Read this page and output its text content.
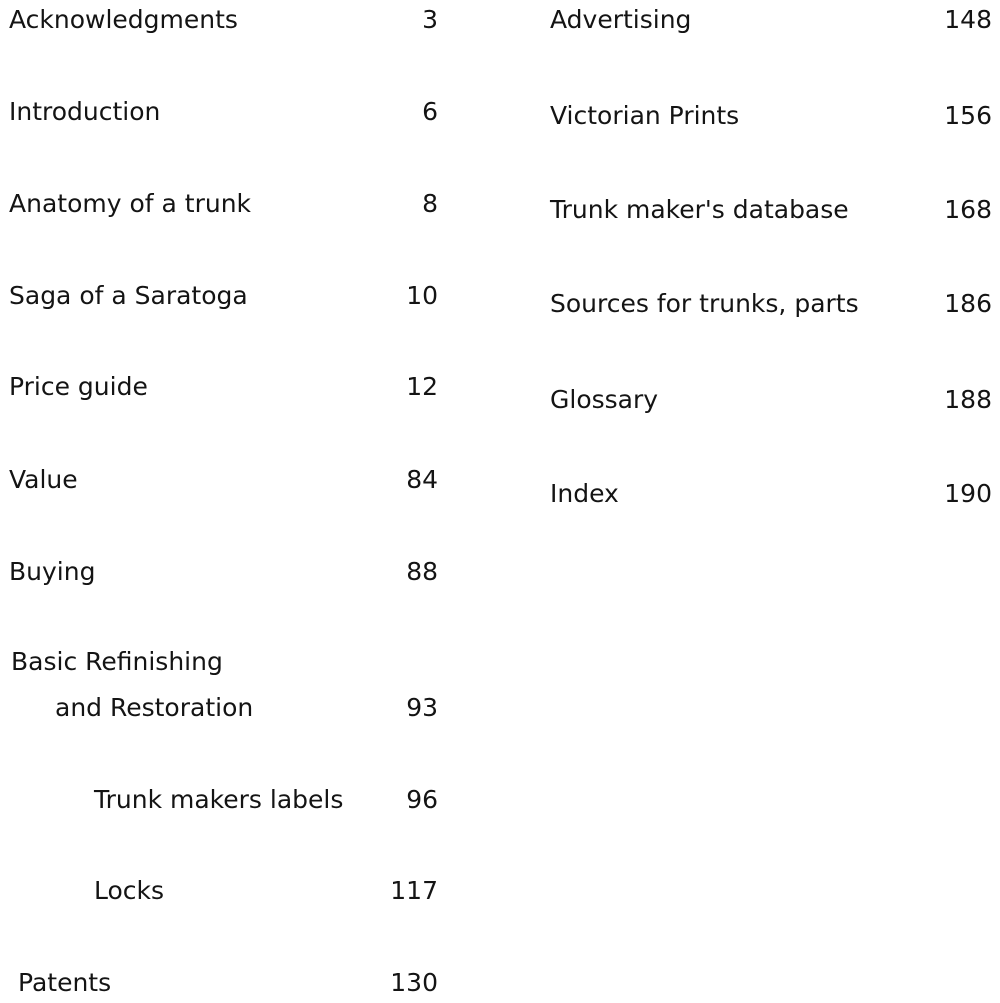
Acknowledgments	3
Introduction	6
Anatomy of a trunk	8
Saga of a Saratoga	10
Price guide	12
Value	84
Buying	88
Basic Refinishing
and Restoration	93
Trunk makers labels	96
Locks	117
Patents	130
Advertising	148
Victorian Prints	156
Trunk maker's database	168
Sources for trunks, parts	186
Glossary	188
Index	190
